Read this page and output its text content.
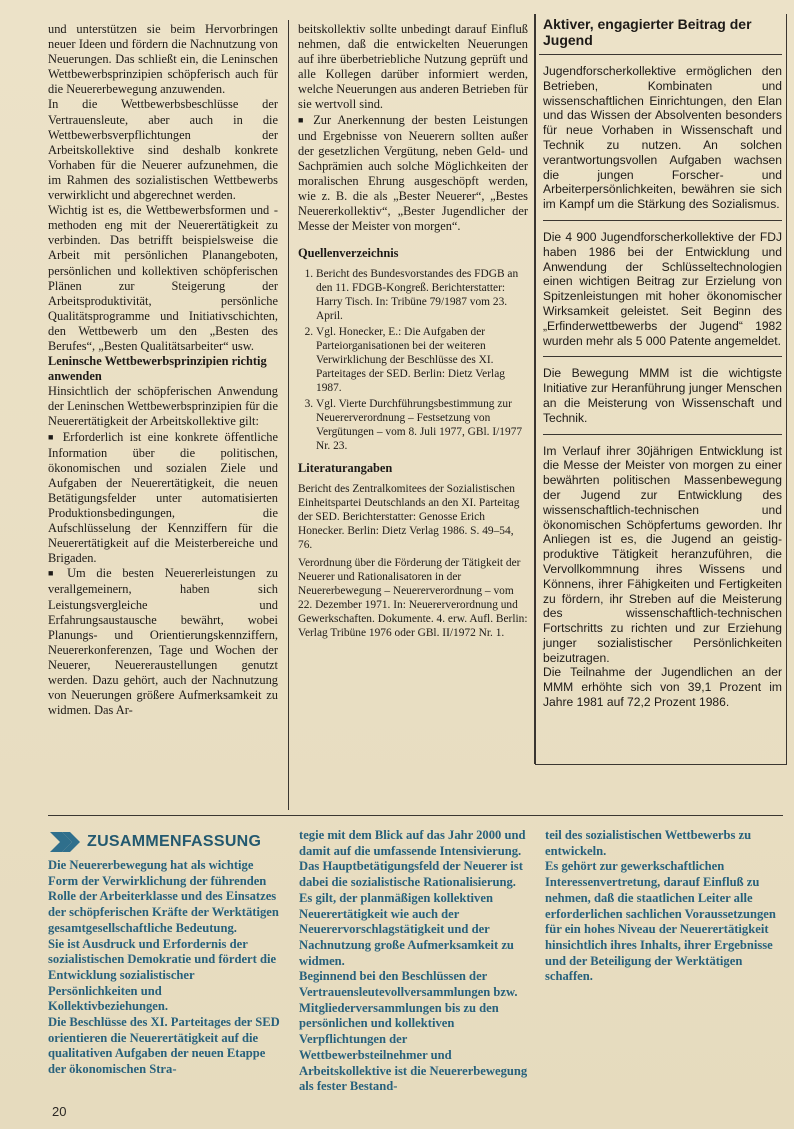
und unterstützen sie beim Hervorbringen neuer Ideen und fördern die Nachnutzung von Neuerungen. Das schließt ein, die Leninschen Wettbewerbsprinzipien schöpferisch auch für die Neuererbewegung anzuwenden.

In die Wettbewerbsbeschlüsse der Vertrauensleute, aber auch in die Wettbewerbsverpflichtungen der Arbeitskollektive sind deshalb konkrete Vorhaben für die Neuerer aufzunehmen, die im Rahmen des sozialistischen Wettbewerbs verwirklicht und abgerechnet werden.

Wichtig ist es, die Wettbewerbsformen und -methoden eng mit der Neuerertätigkeit zu verbinden. Das betrifft beispielsweise die Arbeit mit persönlichen Planangeboten, persönlichen und kollektiven schöpferischen Plänen zur Steigerung der Arbeitsproduktivität, persönliche Qualitätsprogramme und Initiativschichten, den Wettbewerb um den „Besten des Berufes“, „Besten Qualitätsarbeiter“ usw.

Leninsche Wettbewerbsprinzipien richtig anwenden

Hinsichtlich der schöpferischen Anwendung der Leninschen Wettbewerbsprinzipien für die Neuerertätigkeit der Arbeitskollektive gilt:

■ Erforderlich ist eine konkrete öffentliche Information über die politischen, ökonomischen und sozialen Ziele und Aufgaben der Neuerertätigkeit, die neuen Betätigungsfelder unter automatisierten Produktionsbedingungen, die Aufschlüsselung der Kennziffern für die Neuerertätigkeit auf die Meisterbereiche und Brigaden.

■ Um die besten Neuererleistungen zu verallgemeinern, haben sich Leistungsvergleiche und Erfahrungsaustausche bewährt, wobei Planungs- und Orientierungskennziffern, Neuererkonferenzen, Tage und Wochen der Neuerer, Neuereraustellungen genutzt werden. Dazu gehört, auch der Nachnutzung von Neuerungen größere Aufmerksamkeit zu widmen. Das Ar-

beitskollektiv sollte unbedingt darauf Einfluß nehmen, daß die entwickelten Neuerungen auf ihre überbetriebliche Nutzung geprüft und alle Kollegen darüber informiert werden, welche Neuerungen aus anderen Betrieben für sie wertvoll sind.

■ Zur Anerkennung der besten Leistungen und Ergebnisse von Neuerern sollten außer der gesetzlichen Vergütung, neben Geld- und Sachprämien auch solche Möglichkeiten der moralischen Ehrung ausgeschöpft werden, wie z. B. die als „Bester Neuerer“, „Bestes Neuererkollektiv“, „Bester Jugendlicher der Messe der Meister von morgen“.

Quellenverzeichnis

1. Bericht des Bundesvorstandes des FDGB an den 11. FDGB-Kongreß. Berichterstatter: Harry Tisch. In: Tribüne 79/1987 vom 23. April.
2. Vgl. Honecker, E.: Die Aufgaben der Parteiorganisationen bei der weiteren Verwirklichung der Beschlüsse des XI. Parteitages der SED. Berlin: Dietz Verlag 1987.
3. Vgl. Vierte Durchführungsbestimmung zur Neuererverordnung – Festsetzung von Vergütungen – vom 8. Juli 1977, GBl. I/1977 Nr. 23.

Literaturangaben

Bericht des Zentralkomitees der Sozialistischen Einheitspartei Deutschlands an den XI. Parteitag der SED. Berichterstatter: Genosse Erich Honecker. Berlin: Dietz Verlag 1986. S. 49–54, 76.

Verordnung über die Förderung der Tätigkeit der Neuerer und Rationalisatoren in der Neuererbewegung – Neuererverordnung – vom 22. Dezember 1971. In: Neuererverordnung und Gewerkschaften. Dokumente. 4. erw. Aufl. Berlin: Verlag Tribüne 1976 oder GBl. II/1972 Nr. 1.

Aktiver, engagierter Beitrag der Jugend

Jugendforscherkollektive ermöglichen den Betrieben, Kombinaten und wissenschaftlichen Einrichtungen, den Elan und das Wissen der Absolventen besonders für neue Vorhaben in Wissenschaft und Technik zu nutzen. An solchen verantwortungsvollen Aufgaben wachsen die jungen Forscher- und Arbeiterpersönlichkeiten, bewähren sie sich im Kampf um die Stärkung des Sozialismus.

Die 4 900 Jugendforscherkollektive der FDJ haben 1986 bei der Entwicklung und Anwendung der Schlüsseltechnologien einen wichtigen Beitrag zur Erzielung von Spitzenleistungen mit hoher ökonomischer Wirksamkeit geleistet. Seit Beginn des „Erfinderwettbewerbs der Jugend“ 1982 wurden mehr als 5 000 Patente angemeldet.

Die Bewegung MMM ist die wichtigste Initiative zur Heranführung junger Menschen an die Meisterung von Wissenschaft und Technik.

Im Verlauf ihrer 30jährigen Entwicklung ist die Messe der Meister von morgen zu einer bewährten politischen Massenbewegung der Jugend zur Entwicklung des wissenschaftlich-technischen und ökonomischen Schöpfertums geworden. Ihr Anliegen ist es, die Jugend an geistig-produktive Tätigkeit heranzuführen, die Vervollkommnung ihres Wissens und Könnens, ihrer Fähigkeiten und Fertigkeiten zu fördern, ihr Streben auf die Meisterung des wissenschaftlich-technischen Fortschritts zu richten und zur Erziehung junger sozialistischer Persönlichkeiten beizutragen.
Die Teilnahme der Jugendlichen an der MMM erhöhte sich von 39,1 Prozent im Jahre 1981 auf 72,2 Prozent 1986.

ZUSAMMENFASSUNG

Die Neuererbewegung hat als wichtige Form der Verwirklichung der führenden Rolle der Arbeiterklasse und des Einsatzes der schöpferischen Kräfte der Werktätigen gesamtgesellschaftliche Bedeutung.

Sie ist Ausdruck und Erfordernis der sozialistischen Demokratie und fördert die Entwicklung sozialistischer Persönlichkeiten und Kollektivbeziehungen.

Die Beschlüsse des XI. Parteitages der SED orientieren die Neuerertätigkeit auf die qualitativen Aufgaben der neuen Etappe der ökonomischen Stra-

tegie mit dem Blick auf das Jahr 2000 und damit auf die umfassende Intensivierung. Das Hauptbetätigungsfeld der Neuerer ist dabei die sozialistische Rationalisierung.

Es gilt, der planmäßigen kollektiven Neuerertätigkeit wie auch der Neuerervorschlagstätigkeit und der Nachnutzung große Aufmerksamkeit zu widmen.

Beginnend bei den Beschlüssen der Vertrauensleutevollversammlungen bzw. Mitgliederversammlungen bis zu den persönlichen und kollektiven Verpflichtungen der Wettbewerbsteilnehmer und Arbeitskollektive ist die Neuererbewegung als fester Bestand-

teil des sozialistischen Wettbewerbs zu entwickeln.

Es gehört zur gewerkschaftlichen Interessenvertretung, darauf Einfluß zu nehmen, daß die staatlichen Leiter alle erforderlichen sachlichen Voraussetzungen für ein hohes Niveau der Neuerertätigkeit hinsichtlich ihres Inhalts, ihrer Ergebnisse und der Beteiligung der Werktätigen schaffen.

20
